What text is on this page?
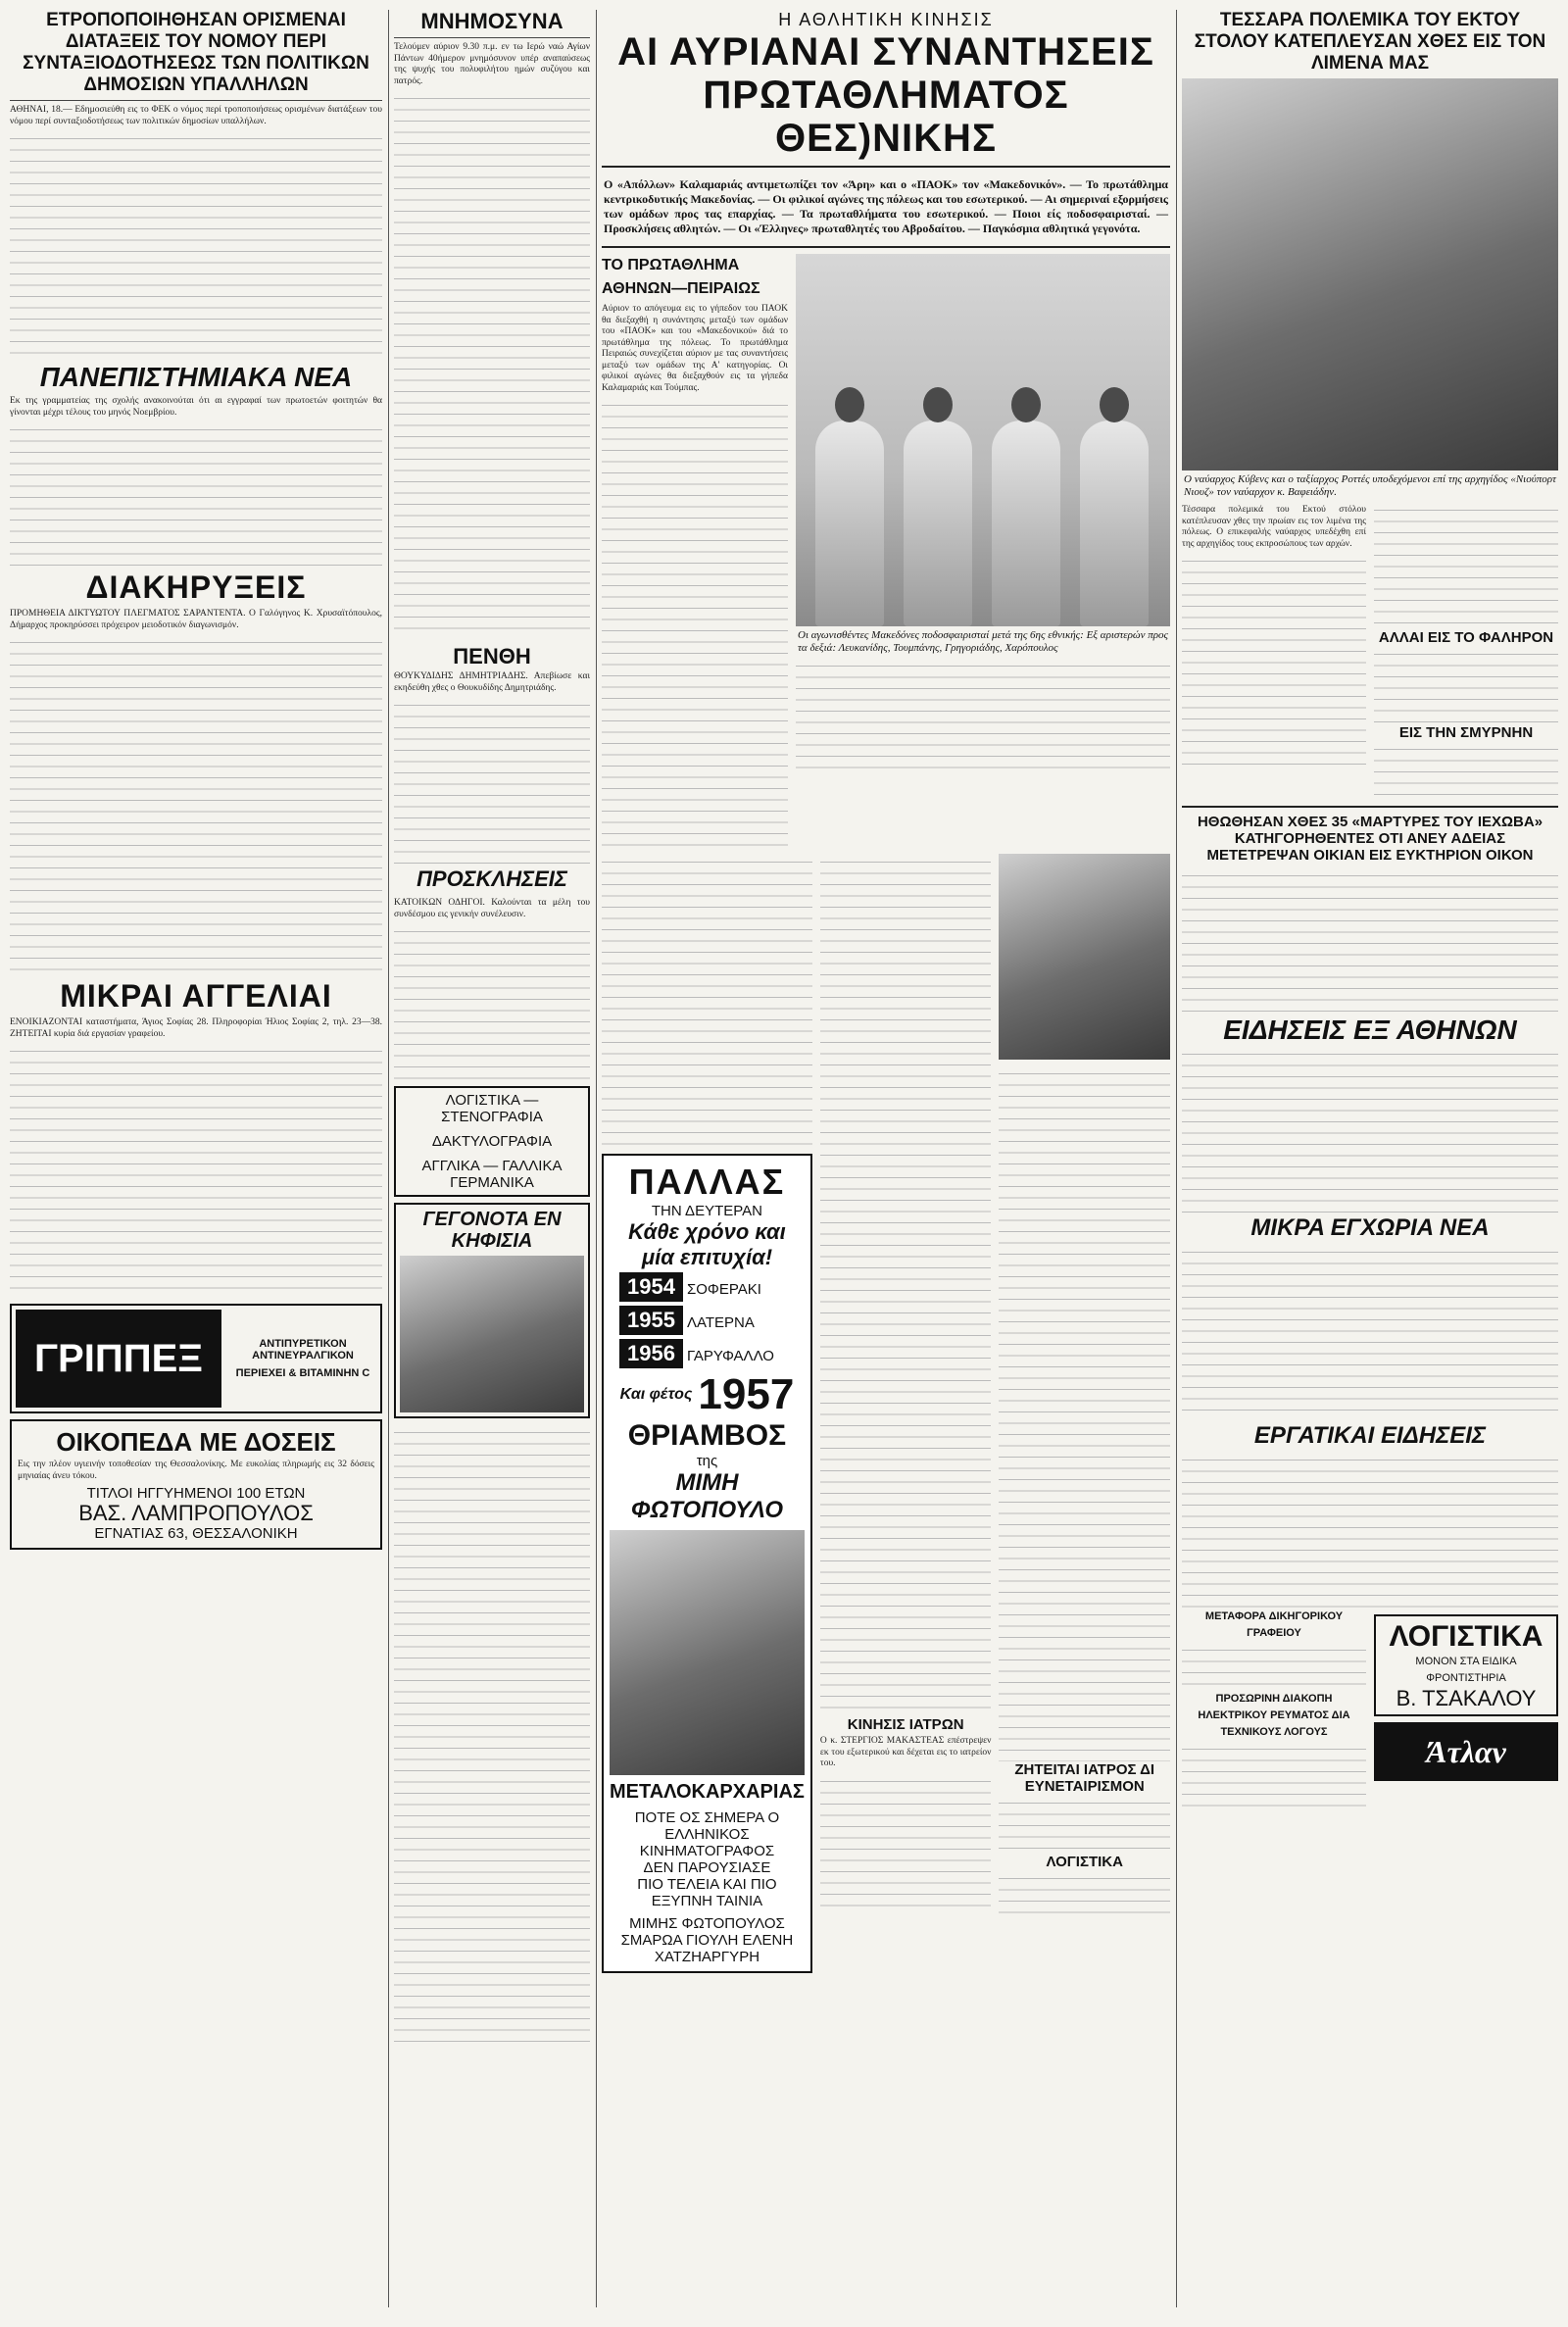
ΕΤΡΟΠΟΠΟΙΗΘΗΣΑΝ ΟΡΙΣΜΕΝΑΙ ΔΙΑΤΑΞΕΙΣ ΤΟΥ ΝΟΜΟΥ ΠΕΡΙ ΣΥΝΤΑΞΙΟΔΟΤΗΣΕΩΣ ΤΩΝ ΠΟΛΙΤΙΚΩΝ ΔΗΜΟΣΙΩΝ ΥΠΑΛΛΗΛΩΝ
ΑΘΗΝΑΙ, 18.— Εδημοσιεύθη εις το ΦΕΚ ο νόμος περί τροποποιήσεως ορισμένων διατάξεων του νόμου περί συνταξιοδοτήσεως των πολιτικών δημοσίων υπαλλήλων.
ΠΑΝΕΠΙΣΤΗΜΙΑΚΑ ΝΕΑ
Εκ της γραμματείας της σχολής ανακοινούται ότι αι εγγραφαί των πρωτοετών φοιτητών θα γίνονται μέχρι τέλους του μηνός Νοεμβρίου.
ΔΙΑΚΗΡΥΞΕΙΣ
ΠΡΟΜΗΘΕΙΑ ΔΙΚΤΥΩΤΟΥ ΠΛΕΓΜΑΤΟΣ ΣΑΡΑΝΤΕΝΤΑ. Ο Γαλόγηνος Κ. Χρυσαϊτόπουλος, Δήμαρχος προκηρύσσει πρόχειρον μειοδοτικόν διαγωνισμόν.
ΜΙΚΡΑΙ ΑΓΓΕΛΙΑΙ
ΕΝΟΙΚΙΑΖΟΝΤΑΙ καταστήματα, Άγιος Σοφίας 28. Πληροφορίαι Ήλιος Σοφίας 2, τηλ. 23—38. ΖΗΤΕΙΤΑΙ κυρία διά εργασίαν γραφείου.
ΓΡΙΠΠΕΞ	ΑΝΤΙΠΥΡΕΤΙΚΟΝ ΑΝΤΙΝΕΥΡΑΛΓΙΚΟΝ
ΠΕΡΙΕΧΕΙ & ΒΙΤΑΜΙΝΗΝ C
ΟΙΚΟΠΕΔΑ ΜΕ ΔΟΣΕΙΣ
Εις την πλέον υγιεινήν τοποθεσίαν της Θεσσαλονίκης. Με ευκολίας πληρωμής εις 32 δόσεις μηνιαίας άνευ τόκου.
ΤΙΤΛΟΙ ΗΓΓΥΗΜΕΝΟΙ 100 ΕΤΩΝ
ΒΑΣ. ΛΑΜΠΡΟΠΟΥΛΟΣ
ΕΓΝΑΤΙΑΣ 63, ΘΕΣΣΑΛΟΝΙΚΗ
ΜΝΗΜΟΣΥΝΑ
Τελούμεν αύριον 9.30 π.μ. εν τω Ιερώ ναώ Αγίων Πάντων 40ήμερον μνημόσυνον υπέρ αναπαύσεως της ψυχής του πολυφιλήτου ημών συζύγου και πατρός.
ΠΕΝΘΗ
ΘΟΥΚΥΔΙΔΗΣ ΔΗΜΗΤΡΙΑΔΗΣ. Απεβίωσε και εκηδεύθη χθες ο Θουκυδίδης Δημητριάδης.
ΠΡΟΣΚΛΗΣΕΙΣ
ΚΑΤΟΙΚΩΝ ΟΔΗΓΟΙ. Καλούνται τα μέλη του συνδέσμου εις γενικήν συνέλευσιν.
ΛΟΓΙΣΤΙΚΑ — ΣΤΕΝΟΓΡΑΦΙΑ
ΔΑΚΤΥΛΟΓΡΑΦΙΑ
ΑΓΓΛΙΚΑ — ΓΑΛΛΙΚΑ ΓΕΡΜΑΝΙΚΑ
ΓΕΓΟΝΟΤΑ ΕΝ ΚΗΦΙΣΙΑ
Η ΑΘΛΗΤΙΚΗ ΚΙΝΗΣΙΣ
ΑΙ ΑΥΡΙΑΝΑΙ ΣΥΝΑΝΤΗΣΕΙΣ ΠΡΩΤΑΘΛΗΜΑΤΟΣ ΘΕΣ)ΝΙΚΗΣ
Ο «Απόλλων» Καλαμαριάς αντιμετωπίζει τον «Άρη» και ο «ΠΑΟΚ» τον «Μακεδονικόν». — Το πρωτάθλημα κεντρικοδυτικής Μακεδονίας. — Οι φιλικοί αγώνες της πόλεως και του εσωτερικού. — Αι σημεριναί εξορμήσεις των ομάδων προς τας επαρχίας. — Τα πρωταθλήματα του εσωτερικού. — Ποιοι είς ποδοσφαιρισταί. — Προσκλήσεις αθλητών. — Οι «Έλληνες» πρωταθλητές του Αβροδαίτου. — Παγκόσμια αθλητικά γεγονότα.
ΤΟ ΠΡΩΤΑΘΛΗΜΑ ΑΘΗΝΩΝ—ΠΕΙΡΑΙΩΣ
Αύριον το απόγευμα εις το γήπεδον του ΠΑΟΚ θα διεξαχθή η συνάντησις μεταξύ των ομάδων του «ΠΑΟΚ» και του «Μακεδονικού» διά το πρωτάθλημα της πόλεως. Το πρωτάθλημα Πειραιώς συνεχίζεται αύριον με τας συναντήσεις μεταξύ των ομάδων της Α' κατηγορίας. Οι φιλικοί αγώνες θα διεξαχθούν εις τα γήπεδα Καλαμαριάς και Τούμπας.
Οι αγωνισθέντες Μακεδόνες ποδοσφαιρισταί μετά της 6ης εθνικής: Εξ αριστερών προς τα δεξιά: Λευκανίδης, Τουμπάνης, Γρηγοριάδης, Χαρόπουλος
ΠΑΛΛΑΣ
ΤΗΝ ΔΕΥΤΕΡΑΝ
Κάθε χρόνο και μία επιτυχία!
1954 ΣΟΦΕΡΑΚΙ
1955 ΛΑΤΕΡΝΑ
1956 ΓΑΡΥΦΑΛΛΟ
Και φέτος 1957
ΘΡΙΑΜΒΟΣ
της
ΜΙΜΗ ΦΩΤΟΠΟΥΛΟ
ΜΕΤΑΛΟΚΑΡΧΑΡΙΑΣ
ΠΟΤΕ ΟΣ ΣΗΜΕΡΑ Ο ΕΛΛΗΝΙΚΟΣ ΚΙΝΗΜΑΤΟΓΡΑΦΟΣ ΔΕΝ ΠΑΡΟΥΣΙΑΣΕ ΠΙΟ ΤΕΛΕΙΑ ΚΑΙ ΠΙΟ ΕΞΥΠΝΗ ΤΑΙΝΙΑ
ΜΙΜΗΣ ΦΩΤΟΠΟΥΛΟΣ ΣΜΑΡΩΑ ΓΙΟΥΛΗ ΕΛΕΝΗ ΧΑΤΖΗΑΡΓΥΡΗ
ΚΙΝΗΣΙΣ ΙΑΤΡΩΝ
Ο κ. ΣΤΕΡΓΙΟΣ ΜΑΚΑΣΤΕΑΣ επέστρεψεν εκ του εξωτερικού και δέχεται εις το ιατρείον του.	ΖΗΤΕΙΤΑΙ ΙΑΤΡΟΣ ΔΙ ΕΥΝΕΤΑΙΡΙΣΜΟΝ
ΛΟΓΙΣΤΙΚΑ
ΤΕΣΣΑΡΑ ΠΟΛΕΜΙΚΑ ΤΟΥ ΕΚΤΟΥ ΣΤΟΛΟΥ ΚΑΤΕΠΛΕΥΣΑΝ ΧΘΕΣ ΕΙΣ ΤΟΝ ΛΙΜΕΝΑ ΜΑΣ
Ο ναύαρχος Κύβενς και ο ταξίαρχος Ροττές υποδεχόμενοι επί της αρχηγίδος «Νιούπορτ Νιουζ» τον ναύαρχον κ. Βαφειάδην.
Τέσσαρα πολεμικά του Εκτού στόλου κατέπλευσαν χθες την πρωίαν εις τον λιμένα της πόλεως. Ο επικεφαλής ναύαρχος υπεδέχθη επί της αρχηγίδος τους εκπροσώπους των αρχών.
ΑΛΛΑΙ ΕΙΣ ΤΟ ΦΑΛΗΡΟΝ
ΕΙΣ ΤΗΝ ΣΜΥΡΝΗΝ
ΗΘΩΘΗΣΑΝ ΧΘΕΣ 35 «ΜΑΡΤΥΡΕΣ ΤΟΥ ΙΕΧΩΒΑ» ΚΑΤΗΓΟΡΗΘΕΝΤΕΣ ΟΤΙ ΑΝΕΥ ΑΔΕΙΑΣ ΜΕΤΕΤΡΕΨΑΝ ΟΙΚΙΑΝ ΕΙΣ ΕΥΚΤΗΡΙΟΝ ΟΙΚΟΝ
ΕΙΔΗΣΕΙΣ ΕΞ ΑΘΗΝΩΝ
ΜΙΚΡΑ ΕΓΧΩΡΙΑ ΝΕΑ
ΕΡΓΑΤΙΚΑΙ ΕΙΔΗΣΕΙΣ
ΜΕΤΑΦΟΡΑ ΔΙΚΗΓΟΡΙΚΟΥ ΓΡΑΦΕΙΟΥ
ΠΡΟΣΩΡΙΝΗ ΔΙΑΚΟΠΗ ΗΛΕΚΤΡΙΚΟΥ ΡΕΥΜΑΤΟΣ ΔΙΑ ΤΕΧΝΙΚΟΥΣ ΛΟΓΟΥΣ
ΛΟΓΙΣΤΙΚΑ
ΜΟΝΟΝ ΣΤΑ ΕΙΔΙΚΑ ΦΡΟΝΤΙΣΤΗΡΙΑ
Β. ΤΣΑΚΑΛΟΥ
Άτλαν
